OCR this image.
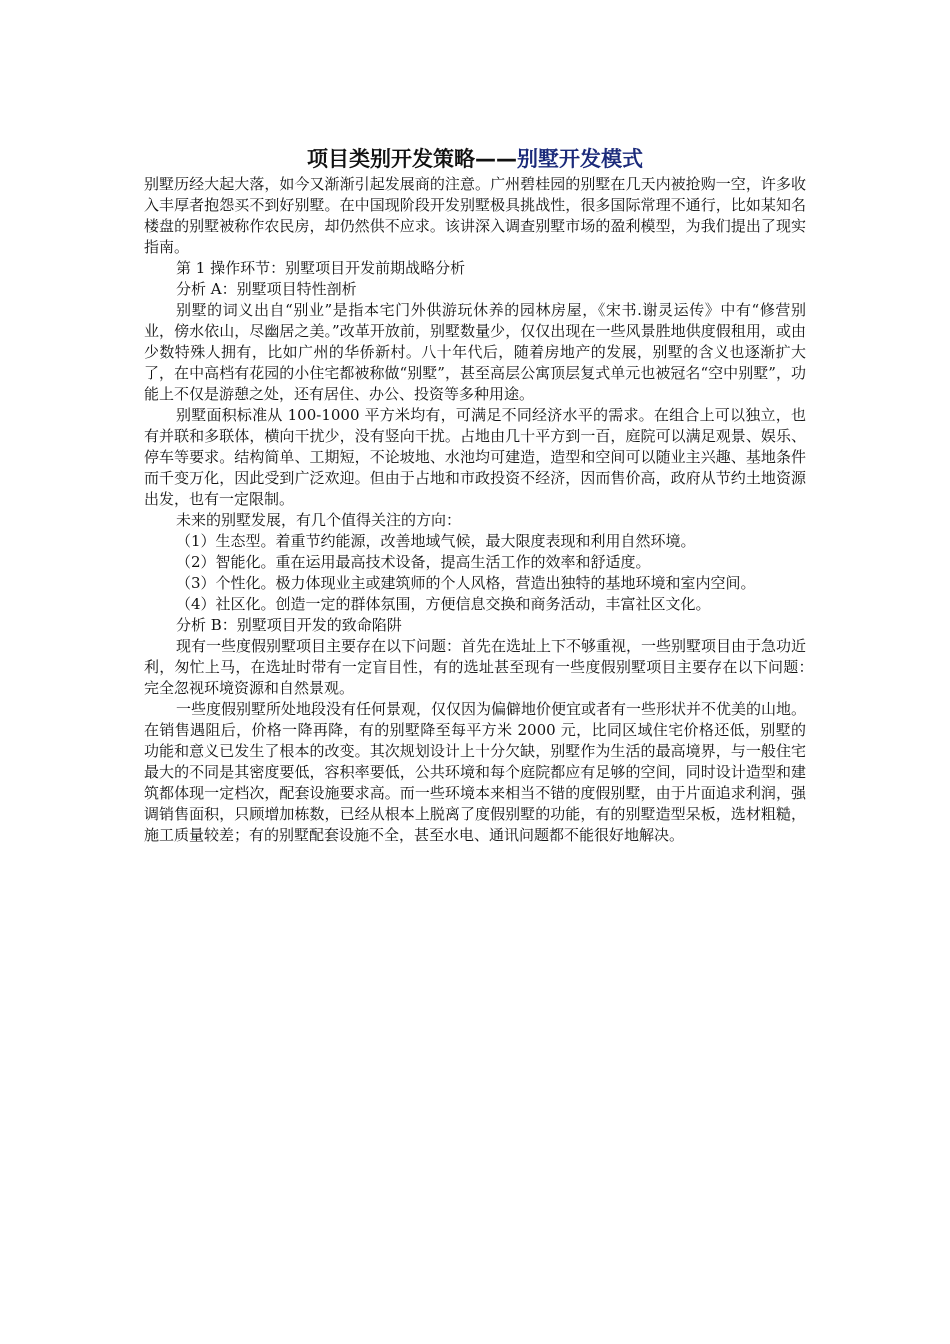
项目类别开发策略——别墅开发模式

别墅历经大起大落，如今又渐渐引起发展商的注意。广州碧桂园的别墅在几天内被抢购一空，许多收入丰厚者抱怨买不到好别墅。在中国现阶段开发别墅极具挑战性，很多国际常理不通行，比如某知名楼盘的别墅被称作农民房，却仍然供不应求。该讲深入调查别墅市场的盈利模型，为我们提出了现实指南。

第 1 操作环节：别墅项目开发前期战略分析

分析 A：别墅项目特性剖析

别墅的词义出自“别业”是指本宅门外供游玩休养的园林房屋，《宋书.谢灵运传》中有“修营别业，傍水依山，尽幽居之美。”改革开放前，别墅数量少，仅仅出现在一些风景胜地供度假租用，或由少数特殊人拥有，比如广州的华侨新村。八十年代后，随着房地产的发展，别墅的含义也逐渐扩大了，在中高档有花园的小住宅都被称做“别墅”，甚至高层公寓顶层复式单元也被冠名“空中别墅”，功能上不仅是游憩之处，还有居住、办公、投资等多种用途。

别墅面积标准从 100-1000 平方米均有，可满足不同经济水平的需求。在组合上可以独立，也有并联和多联体，横向干扰少，没有竖向干扰。占地由几十平方到一百，庭院可以满足观景、娱乐、停车等要求。结构简单、工期短，不论坡地、水池均可建造，造型和空间可以随业主兴趣、基地条件而千变万化，因此受到广泛欢迎。但由于占地和市政投资不经济，因而售价高，政府从节约土地资源出发，也有一定限制。

未来的别墅发展，有几个值得关注的方向：

（1）生态型。着重节约能源，改善地域气候，最大限度表现和利用自然环境。

（2）智能化。重在运用最高技术设备，提高生活工作的效率和舒适度。

（3）个性化。极力体现业主或建筑师的个人风格，营造出独特的基地环境和室内空间。

（4）社区化。创造一定的群体氛围，方便信息交换和商务活动，丰富社区文化。

分析 B：别墅项目开发的致命陷阱

现有一些度假别墅项目主要存在以下问题：首先在选址上下不够重视，一些别墅项目由于急功近利，匆忙上马，在选址时带有一定盲目性，有的选址甚至现有一些度假别墅项目主要存在以下问题：　完全忽视环境资源和自然景观。

一些度假别墅所处地段没有任何景观，仅仅因为偏僻地价便宜或者有一些形状并不优美的山地。在销售遇阻后，价格一降再降，有的别墅降至每平方米 2000 元，比同区域住宅价格还低，别墅的功能和意义已发生了根本的改变。其次规划设计上十分欠缺，别墅作为生活的最高境界，与一般住宅最大的不同是其密度要低，容积率要低，公共环境和每个庭院都应有足够的空间，同时设计造型和建筑都体现一定档次，配套设施要求高。而一些环境本来相当不错的度假别墅，由于片面追求利润，强调销售面积，只顾增加栋数，已经从根本上脱离了度假别墅的功能，有的别墅造型呆板，选材粗糙，施工质量较差；有的别墅配套设施不全，甚至水电、通讯问题都不能很好地解决。
